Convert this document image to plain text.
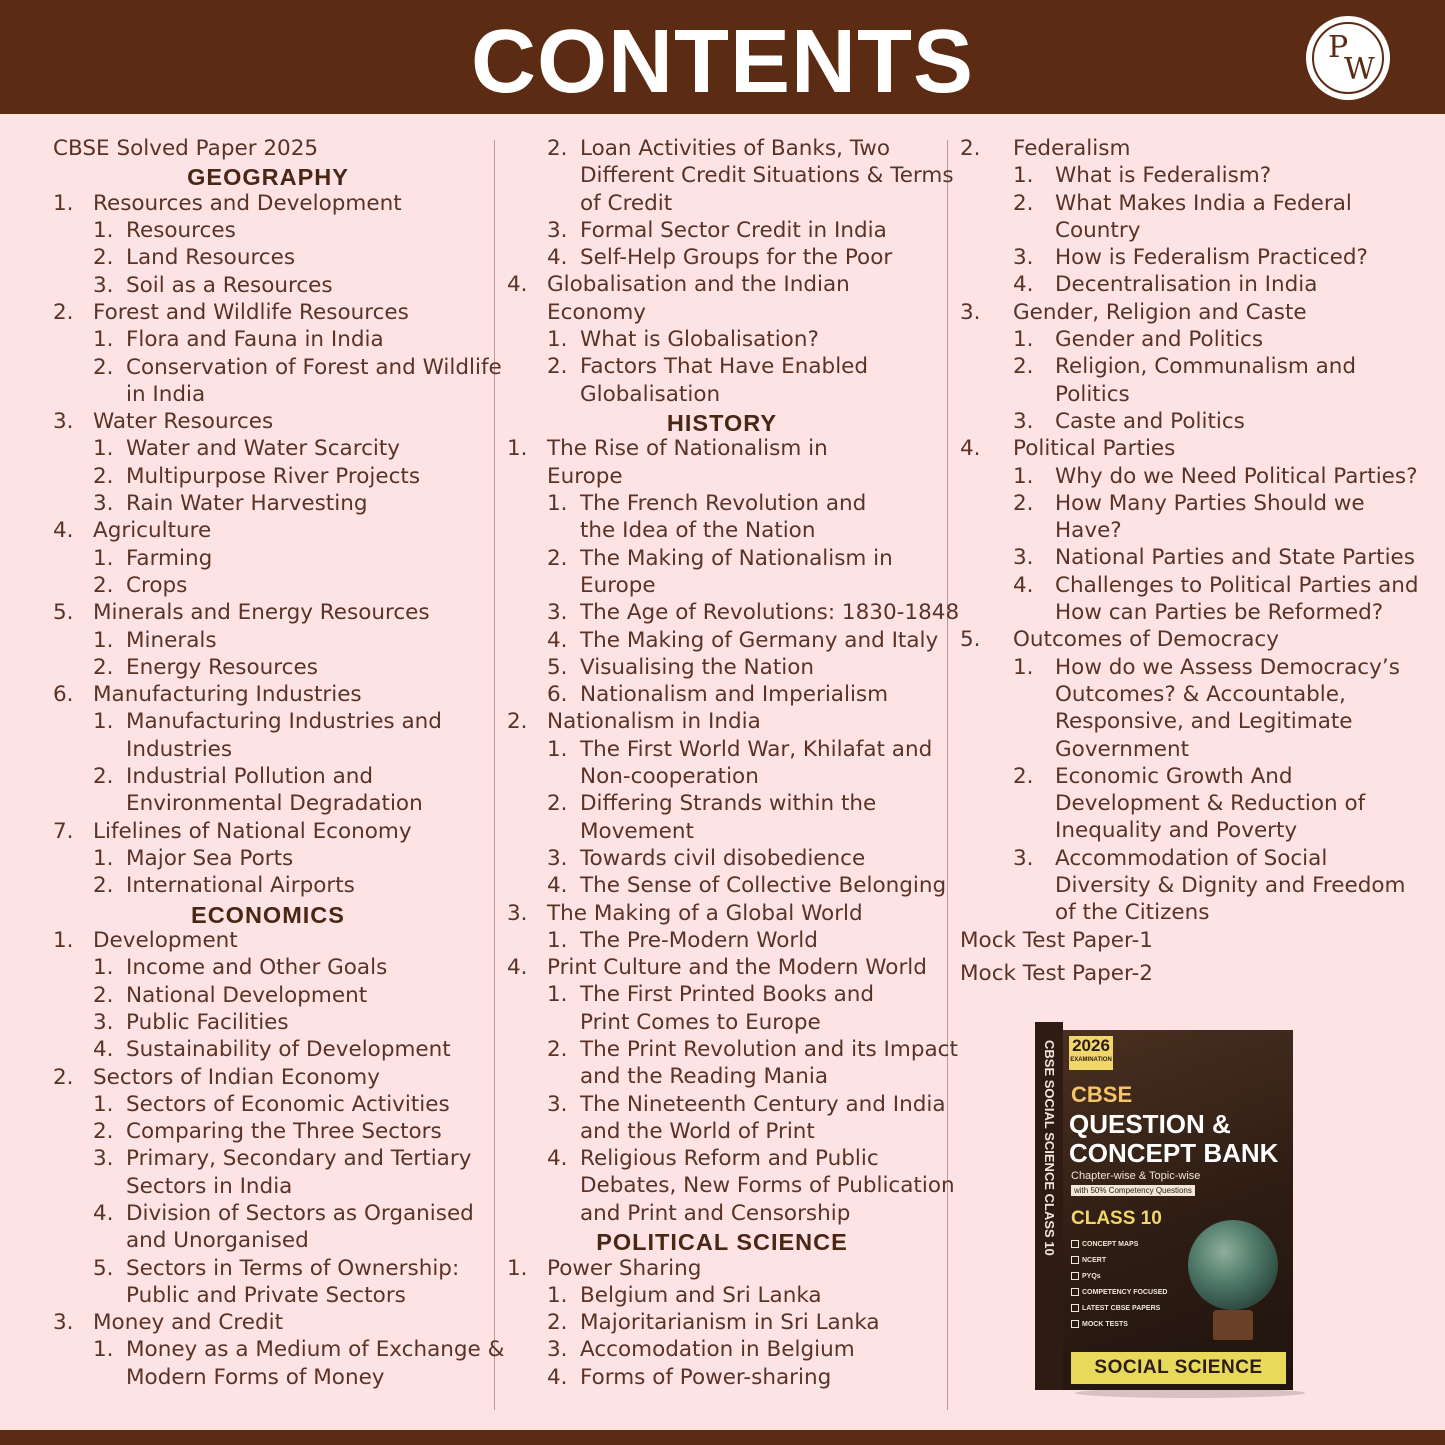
CONTENTS	P
W
CBSE Solved Paper 2025
GEOGRAPHY
1. Resources and Development
1. Resources
2. Land Resources
3. Soil as a Resources
2. Forest and Wildlife Resources
1. Flora and Fauna in India
2. Conservation of Forest and Wildlife
in India
3. Water Resources
1. Water and Water Scarcity
2. Multipurpose River Projects
3. Rain Water Harvesting
4. Agriculture
1. Farming
2. Crops
5. Minerals and Energy Resources
1. Minerals
2. Energy Resources
6. Manufacturing Industries
1. Manufacturing Industries and
Industries
2. Industrial Pollution and
Environmental Degradation
7. Lifelines of National Economy
1. Major Sea Ports
2. International Airports
ECONOMICS
1. Development
1. Income and Other Goals
2. National Development
3. Public Facilities
4. Sustainability of Development
2. Sectors of Indian Economy
1. Sectors of Economic Activities
2. Comparing the Three Sectors
3. Primary, Secondary and Tertiary
Sectors in India
4. Division of Sectors as Organised
and Unorganised
5. Sectors in Terms of Ownership:
Public and Private Sectors
3. Money and Credit
1. Money as a Medium of Exchange &
Modern Forms of Money
2. Loan Activities of Banks, Two
Different Credit Situations & Terms
of Credit
3. Formal Sector Credit in India
4. Self-Help Groups for the Poor
4. Globalisation and the Indian
Economy
1. What is Globalisation?
2. Factors That Have Enabled
Globalisation
HISTORY
1. The Rise of Nationalism in
Europe
1. The French Revolution and
the Idea of the Nation
2. The Making of Nationalism in
Europe
3. The Age of Revolutions: 1830-1848
4. The Making of Germany and Italy
5. Visualising the Nation
6. Nationalism and Imperialism
2. Nationalism in India
1. The First World War, Khilafat and
Non-cooperation
2. Differing Strands within the
Movement
3. Towards civil disobedience
4. The Sense of Collective Belonging
3. The Making of a Global World
1. The Pre-Modern World
4. Print Culture and the Modern World
1. The First Printed Books and
Print Comes to Europe
2. The Print Revolution and its Impact
and the Reading Mania
3. The Nineteenth Century and India
and the World of Print
4. Religious Reform and Public
Debates, New Forms of Publication
and Print and Censorship
POLITICAL SCIENCE
1. Power Sharing
1. Belgium and Sri Lanka
2. Majoritarianism in Sri Lanka
3. Accomodation in Belgium
4. Forms of Power-sharing
2. Federalism
1. What is Federalism?
2. What Makes India a Federal
Country
3. How is Federalism Practiced?
4. Decentralisation in India
3. Gender, Religion and Caste
1. Gender and Politics
2. Religion, Communalism and
Politics
3. Caste and Politics
4. Political Parties
1. Why do we Need Political Parties?
2. How Many Parties Should we
Have?
3. National Parties and State Parties
4. Challenges to Political Parties and
How can Parties be Reformed?
5. Outcomes of Democracy
1. How do we Assess Democracy’s
Outcomes? & Accountable,
Responsive, and Legitimate
Government
2. Economic Growth And
Development & Reduction of
Inequality and Poverty
3. Accommodation of Social
Diversity & Dignity and Freedom
of the Citizens
Mock Test Paper-1
Mock Test Paper-2
CBSE SOCIAL SCIENCE CLASS 10 2026
EXAMINATION
CBSE
QUESTION &
CONCEPT BANK
Chapter-wise & Topic-wise
with 50% Competency Questions
CLASS 10
CONCEPT MAPS
NCERT
PYQs
COMPETENCY FOCUSED
LATEST CBSE PAPERS
MOCK TESTS
SOCIAL SCIENCE
